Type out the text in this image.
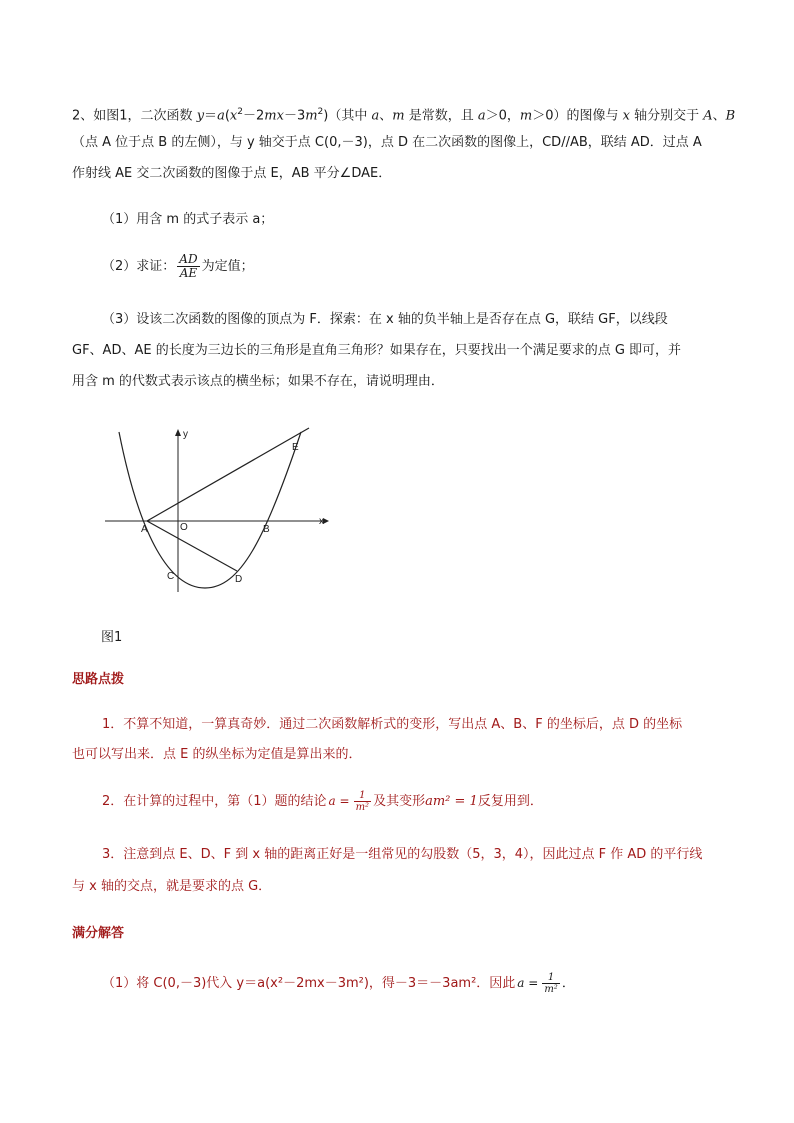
2、如图1，二次函数 $y=a(x^2-2mx-3m^2)$（其中 a、m 是常数，且 a＞0，m＞0）的图像与 x 轴分别交于 A、B
（点 A 位于点 B 的左侧），与 y 轴交于点 C(0,－3)，点 D 在二次函数的图像上，CD//AB，联结 AD．过点 A
作射线 AE 交二次函数的图像于点 E，AB 平分∠DAE．
（1）用含 m 的式子表示 a；
（2）求证： $\frac{AD}{AE}$ 为定值；
（3）设该二次函数的图像的顶点为 F．探索：在 x 轴的负半轴上是否存在点 G，联结 GF，以线段
GF、AD、AE 的长度为三边长的三角形是直角三角形？如果存在，只要找出一个满足要求的点 G 即可，并
用含 m 的代数式表示该点的横坐标；如果不存在，请说明理由．
y
x
O
A	B
C	D
E
图1
思路点拨
1．不算不知道，一算真奇妙．通过二次函数解析式的变形，写出点 A、B、F 的坐标后，点 D 的坐标
也可以写出来．点 E 的纵坐标为定值是算出来的．
2．在计算的过程中，第（1）题的结论 $a = \frac{1}{\text{m²}}$ 及其变形am² = 1反复用到．
3．注意到点 E、D、F 到 x 轴的距离正好是一组常见的勾股数（5，3，4），因此过点 F 作 AD 的平行线
与 x 轴的交点，就是要求的点 G．
满分解答
（1）将 C(0,－3)代入 y＝a(x²－2mx－3m²)，得－3＝－3am²．因此 $a = \frac{1}{\text{m²}}$ ．
